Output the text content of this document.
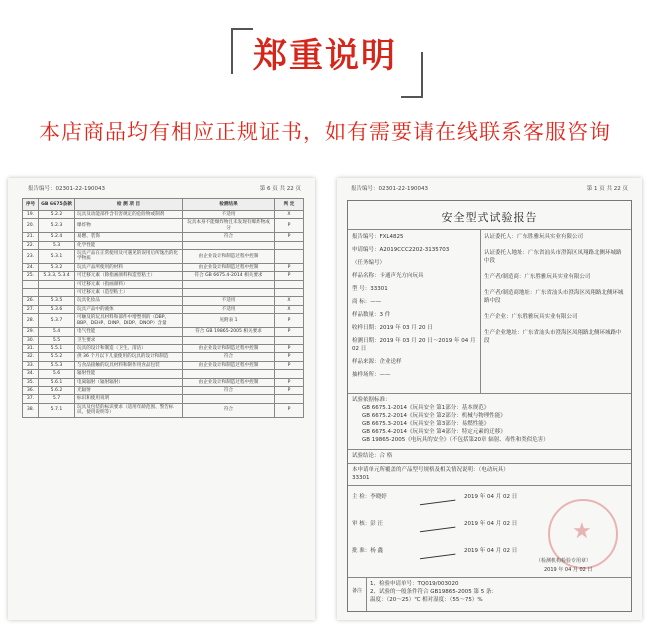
郑重说明
本店商品均有相应正规证书，如有需要请在线联系客服咨询
报告编号：02301-22-190043	第 6 页 共 22 页
序号	GB 6675条款	检 测 项 目	检测结果	判 定
19.	5.2.2	玩具及动能部件含有害规定的危险物或制剂	不适用	X
20.	5.2.3	爆炸物	玩具本身不能爆炸物且未发现有爆炸物成分	P
21.	5.2.4	易燃、装饰	符合	P
22.	5.3	化学性能		
23.	5.3.1	玩具产品在正常使用及可遇见的误用后所逸出的化学物质	由企业设计和制造过程中控制	
24.	5.3.2	玩具产品所使用的材料	由企业设计和制造过程中控制	P
25.	5.3.3, 5.3.4	可迁移元素（除指画颜料和造型粘土）	符合 GB 6675.4-2014 相关要求	P
		可迁移元素（指画颜料）		
		可迁移元素（造型粘土）		
26.	5.3.5	玩具化妆品	不适用	X
27.	5.3.6	玩具产品中的液体	不适用	X
28.	5.3.7	可触及的玩具材料和部件中增塑剂的（DBP、BBP、DEHP、DINP、DIDP、DNOP）含量	见附表 1	P
29.	5.4	电气性能	符合 GB 19865-2005 相关要求	P
30.	5.5	卫生要求		
31.	5.5.1	玩具的设计和制造（卫生、清洁）	由企业设计和制造过程中控制	P
32.	5.5.2	供 36 个月以下儿童使用的玩具的设计和制造	符合	P
33.	5.5.3	与食品接触的玩具材料和制作用食品包装	由企业设计和制造过程中控制	P
34.	5.6	辐射性能		
35.	5.6.1	电离辐射（辐射辐射）	由企业设计和制造过程中控制	P
36.	5.6.2	光辐射	符合	P
37.	5.7	标识和使用说明		
38.	5.7.1	玩具及包装的标识要求（适用年龄范围、警告标识、使用说明等）	符合	P
报告编号：02301-22-190043	第 1 页 共 22 页
安全型式试验报告
报告编号：FXL4825
申请编号：A2019CCC2202-3135703
（任务编号）
样品名称：卡通声光方向玩具
型 号：33301
商 标：——
样品数量：3 件
收样日期：2019 年 03 月 20 日
检测日期：2019 年 03 月 20 日～2019 年 04 月 02 日
样品来源：企业送样
抽样场所：——
认证委托人：广东胜雅玩具实业有限公司
认证委托人地址：广东省汕头市澄海区凤翔路北侧环城路中段
生产者/制造商：广东胜雅玩具实业有限公司
生产者/制造商地址：广东省汕头市澄海区凤翔路北侧环城路中段
生产企业：广东胜雅玩具实业有限公司
生产企业地址：广东省汕头市澄海区凤翔路北侧环城路中段
试验依据标准：
GB 6675.1-2014《玩具安全 第1部分：基本规范》
GB 6675.2-2014《玩具安全 第2部分：机械与物理性能》
GB 6675.3-2014《玩具安全 第3部分：易燃性能》
GB 6675.4-2014《玩具安全 第4部分：特定元素的迁移》
GB 19865-2005《电玩具的安全》（不包括第20章 辐射、毒性和类似危害）
试验结论：合 格
本申请单元所覆盖的产品型号规格及相关情况说明：（电动玩具）
33301
主 检：李晓婷	2019 年 04 月 02 日
审 核：彭 汪	2019 年 04 月 02 日
批 准：杨 鑫	2019 年 04 月 02 日
★
（检测机构检验专用章）
2019 年 04 月 02 日
备注
1、检验申请单号：TQ019/003020
2、试验的一般条件符合 GB19865-2005 第 5 条：
温度：（20～25）℃ 相对湿度：（55～75）%
